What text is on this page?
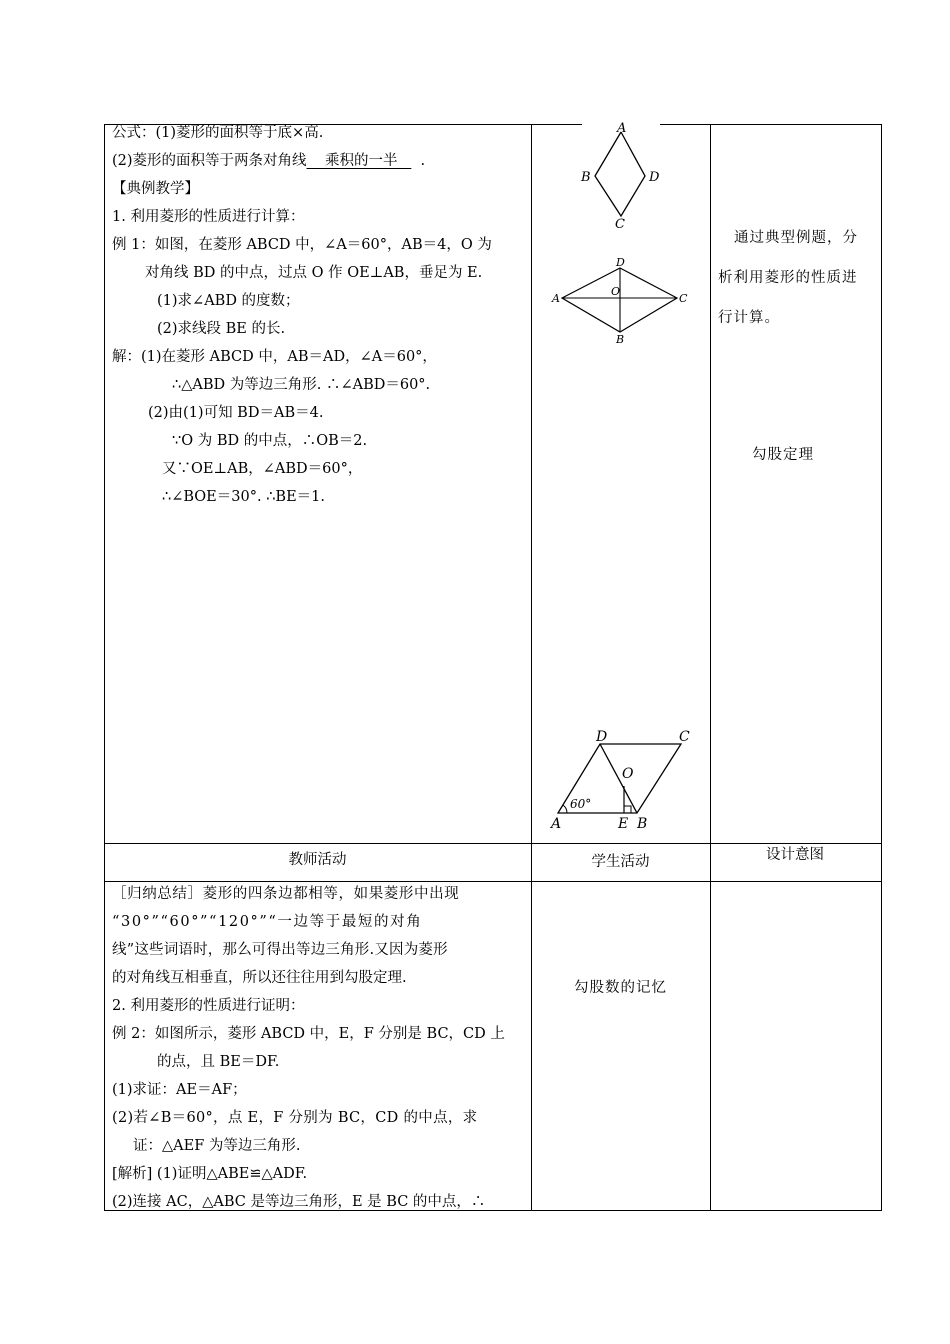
公式：(1)菱形的面积等于底×高.
(2)菱形的面积等于两条对角线 乘积的一半 .
【典例教学】
1. 利用菱形的性质进行计算：
例 1：如图，在菱形 ABCD 中，∠A＝60°，AB＝4，O 为
对角线 BD 的中点，过点 O 作 OE⊥AB，垂足为 E.
(1)求∠ABD 的度数；
(2)求线段 BE 的长.
解：(1)在菱形 ABCD 中，AB＝AD，∠A＝60°，
∴△ABD 为等边三角形. ∴∠ABD＝60°.
(2)由(1)可知 BD＝AB＝4.
∵O 为 BD 的中点，∴OB＝2.
又∵OE⊥AB，∠ABD＝60°，
∴∠BOE＝30°. ∴BE＝1.
通过典型例题，分
析利用菱形的性质进
行计算。
勾股定理
A
B	D
C
D
A
O
C
B
D	C
O
60°
A	E B
教师活动	学生活动	设计意图
［归纳总结］菱形的四条边都相等，如果菱形中出现
“30°”“60°”“120°”“一边等于最短的对角
线”这些词语时，那么可得出等边三角形.又因为菱形
的对角线互相垂直，所以还往往用到勾股定理.
2. 利用菱形的性质进行证明：
例 2：如图所示，菱形 ABCD 中，E，F 分别是 BC，CD 上
的点，且 BE＝DF.
(1)求证：AE＝AF；
(2)若∠B＝60°，点 E，F 分别为 BC，CD 的中点，求
证：△AEF 为等边三角形.
[解析] (1)证明△ABE≌△ADF.
(2)连接 AC，△ABC 是等边三角形，E 是 BC 的中点，∴
勾股数的记忆
